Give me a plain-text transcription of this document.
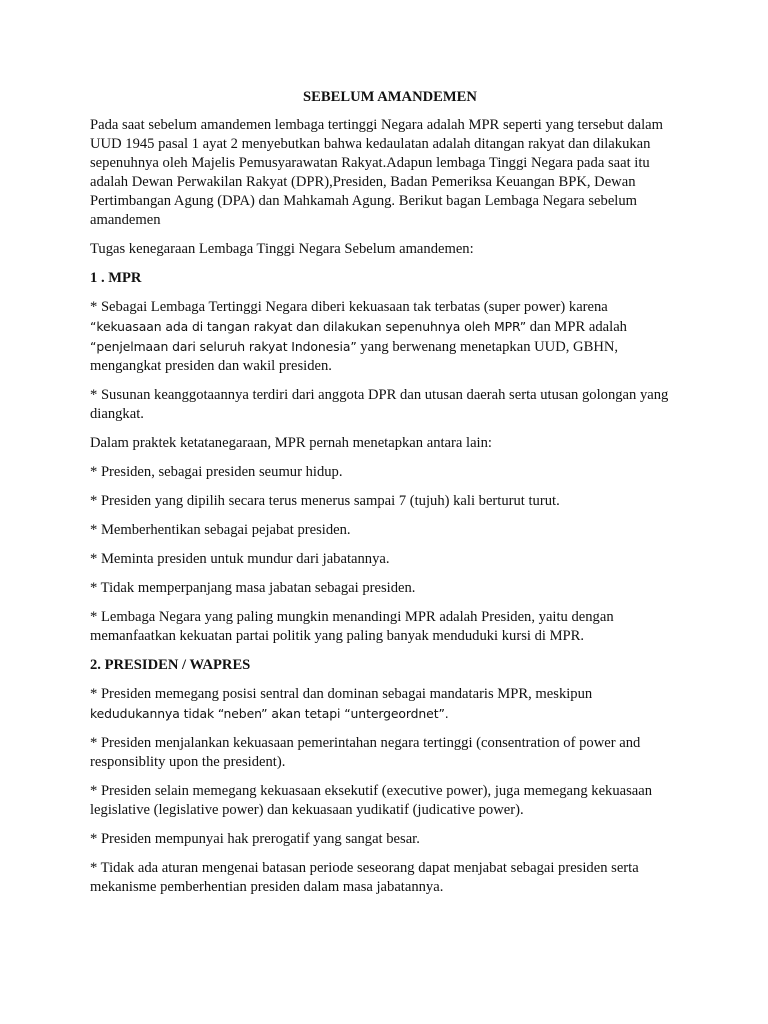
SEBELUM AMANDEMEN

Pada saat sebelum amandemen lembaga tertinggi Negara adalah MPR seperti yang tersebut dalam UUD 1945 pasal 1 ayat 2 menyebutkan bahwa kedaulatan adalah ditangan rakyat dan dilakukan sepenuhnya oleh Majelis Pemusyarawatan Rakyat.Adapun lembaga Tinggi Negara pada saat itu adalah Dewan Perwakilan Rakyat (DPR),Presiden, Badan Pemeriksa Keuangan BPK, Dewan Pertimbangan Agung (DPA) dan Mahkamah Agung. Berikut bagan Lembaga Negara sebelum amandemen

Tugas kenegaraan Lembaga Tinggi Negara Sebelum amandemen:

1 . MPR

* Sebagai Lembaga Tertinggi Negara diberi kekuasaan tak terbatas (super power) karena
“kekuasaan ada di tangan rakyat dan dilakukan sepenuhnya oleh MPR” dan MPR adalah
“penjelmaan dari seluruh rakyat Indonesia” yang berwenang menetapkan UUD, GBHN, mengangkat presiden dan wakil presiden.

* Susunan keanggotaannya terdiri dari anggota DPR dan utusan daerah serta utusan golongan yang diangkat.

Dalam praktek ketatanegaraan, MPR pernah menetapkan antara lain:

* Presiden, sebagai presiden seumur hidup.

* Presiden yang dipilih secara terus menerus sampai 7 (tujuh) kali berturut turut.

* Memberhentikan sebagai pejabat presiden.

* Meminta presiden untuk mundur dari jabatannya.

* Tidak memperpanjang masa jabatan sebagai presiden.

* Lembaga Negara yang paling mungkin menandingi MPR adalah Presiden, yaitu dengan memanfaatkan kekuatan partai politik yang paling banyak menduduki kursi di MPR.

2. PRESIDEN / WAPRES

* Presiden memegang posisi sentral dan dominan sebagai mandataris MPR, meskipun
kedudukannya tidak “neben” akan tetapi “untergeordnet”.

* Presiden menjalankan kekuasaan pemerintahan negara tertinggi (consentration of power and responsiblity upon the president).

* Presiden selain memegang kekuasaan eksekutif (executive power), juga memegang kekuasaan legislative (legislative power) dan kekuasaan yudikatif (judicative power).

* Presiden mempunyai hak prerogatif yang sangat besar.

* Tidak ada aturan mengenai batasan periode seseorang dapat menjabat sebagai presiden serta mekanisme pemberhentian presiden dalam masa jabatannya.
